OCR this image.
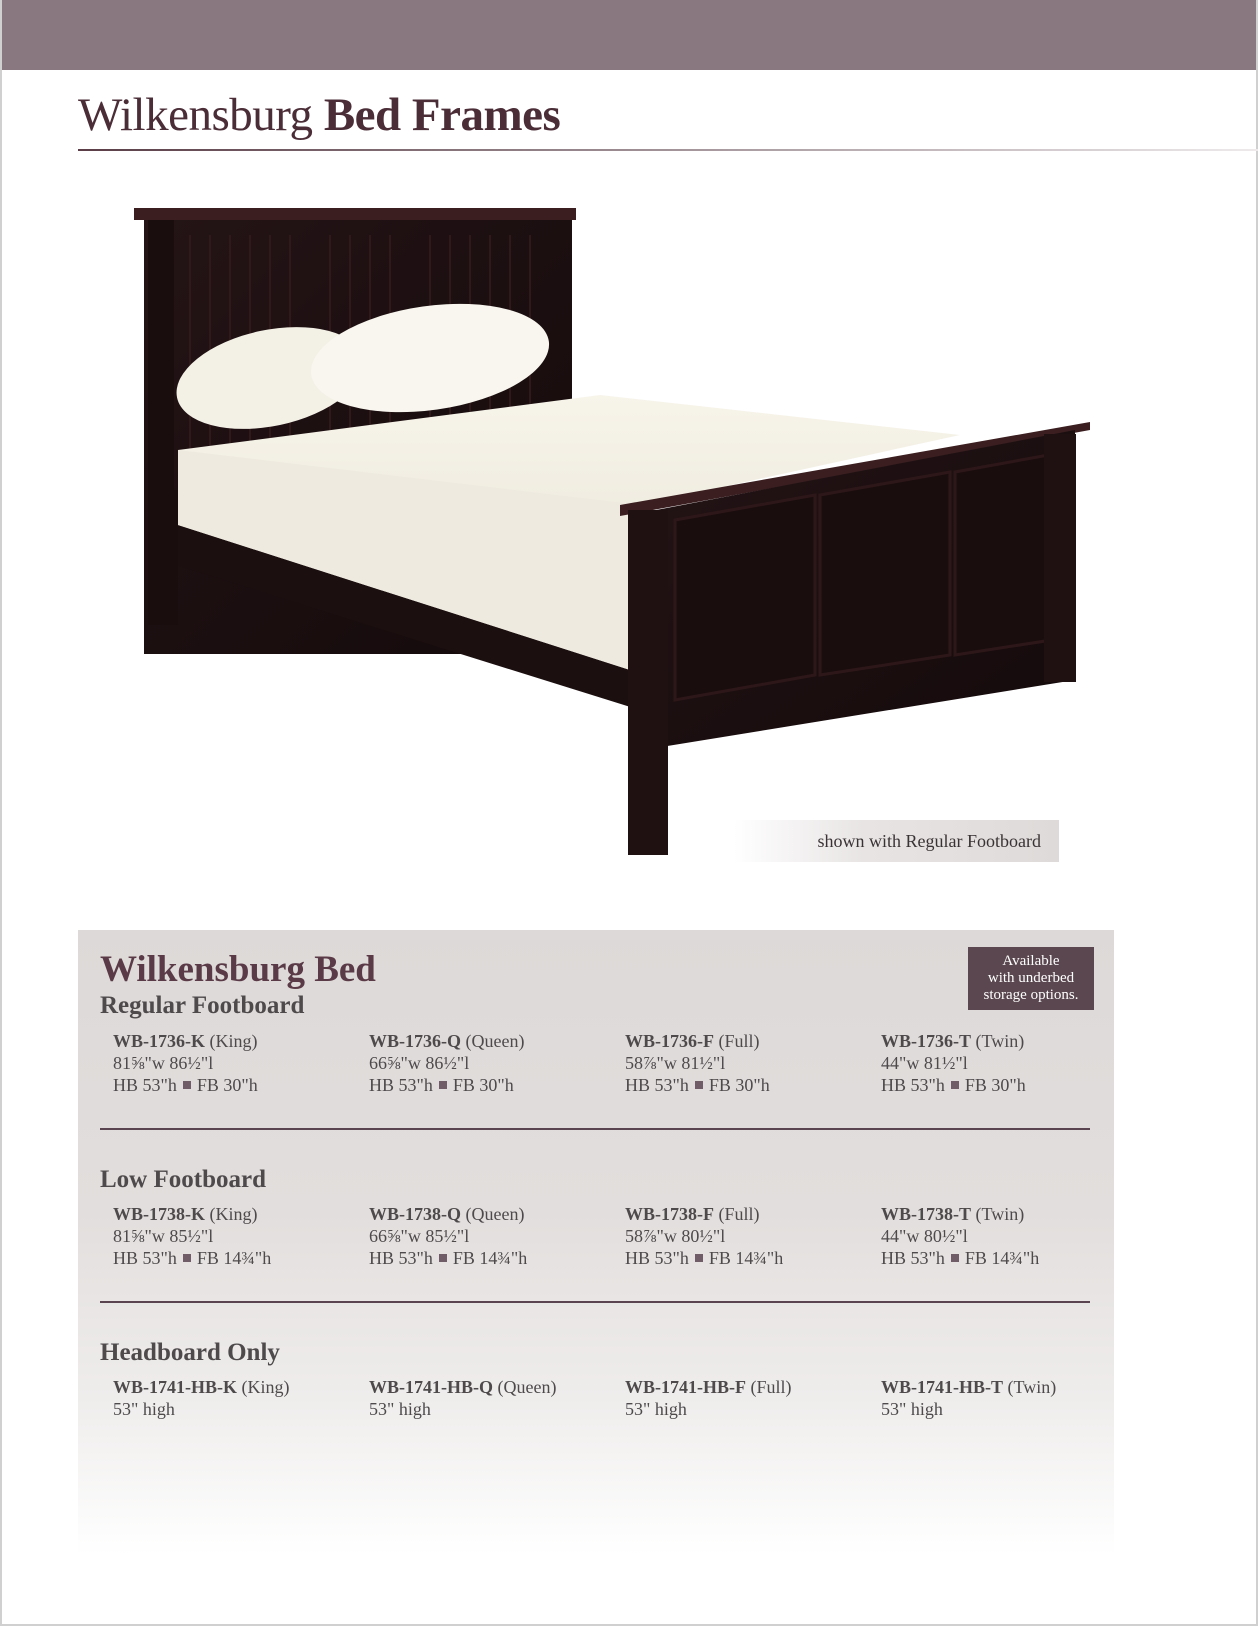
Wilkensburg Bed Frames
shown with Regular Footboard
Wilkensburg Bed	Available
with underbed
storage options.
Regular Footboard
WB-1736-K (King)
81⅝"w 86½"l
HB 53"h FB 30"h
WB-1736-Q (Queen)
66⅝"w 86½"l
HB 53"h FB 30"h
WB-1736-F (Full)
58⅞"w 81½"l
HB 53"h FB 30"h
WB-1736-T (Twin)
44"w 81½"l
HB 53"h FB 30"h
Low Footboard
WB-1738-K (King)
81⅝"w 85½"l
HB 53"h FB 14¾"h
WB-1738-Q (Queen)
66⅝"w 85½"l
HB 53"h FB 14¾"h
WB-1738-F (Full)
58⅞"w 80½"l
HB 53"h FB 14¾"h
WB-1738-T (Twin)
44"w 80½"l
HB 53"h FB 14¾"h
Headboard Only
WB-1741-HB-K (King)
53" high
WB-1741-HB-Q (Queen)
53" high
WB-1741-HB-F (Full)
53" high
WB-1741-HB-T (Twin)
53" high
